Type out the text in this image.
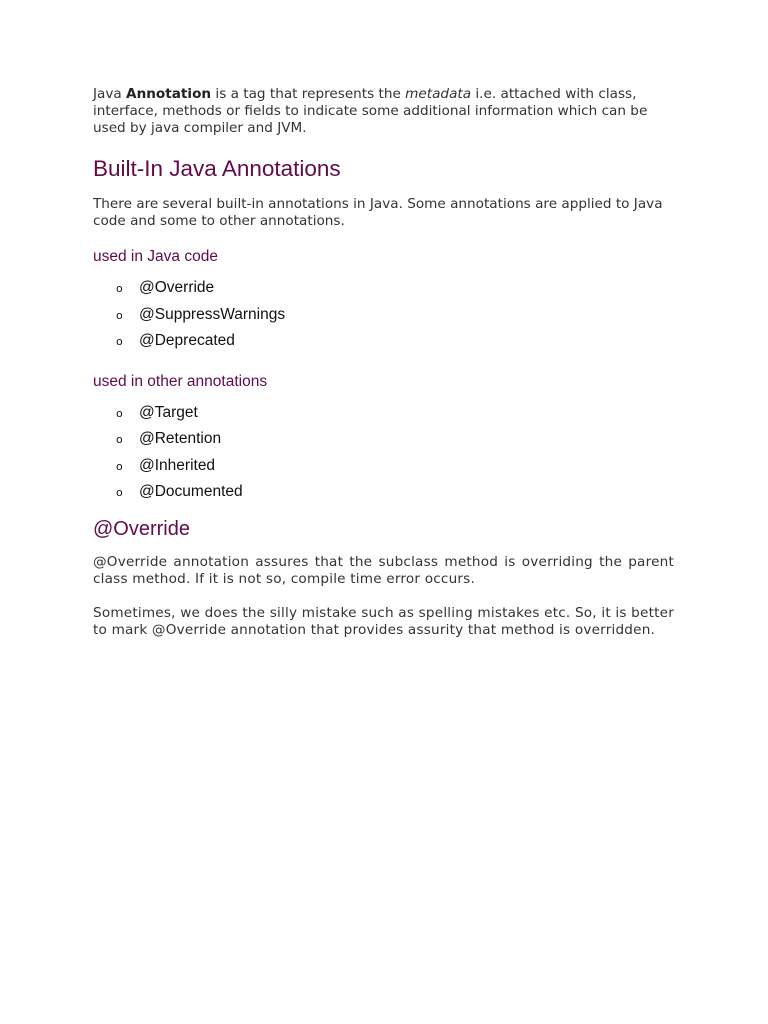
Java Annotation is a tag that represents the metadata i.e. attached with class, interface, methods or fields to indicate some additional information which can be used by java compiler and JVM.

Built-In Java Annotations

There are several built-in annotations in Java. Some annotations are applied to Java code and some to other annotations.

used in Java code
o @Override
o @SuppressWarnings
o @Deprecated
used in other annotations
o @Target
o @Retention
o @Inherited
o @Documented
@Override

@Override annotation assures that the subclass method is overriding the parent class method. If it is not so, compile time error occurs.

Sometimes, we does the silly mistake such as spelling mistakes etc. So, it is better to mark @Override annotation that provides assurity that method is overridden.
